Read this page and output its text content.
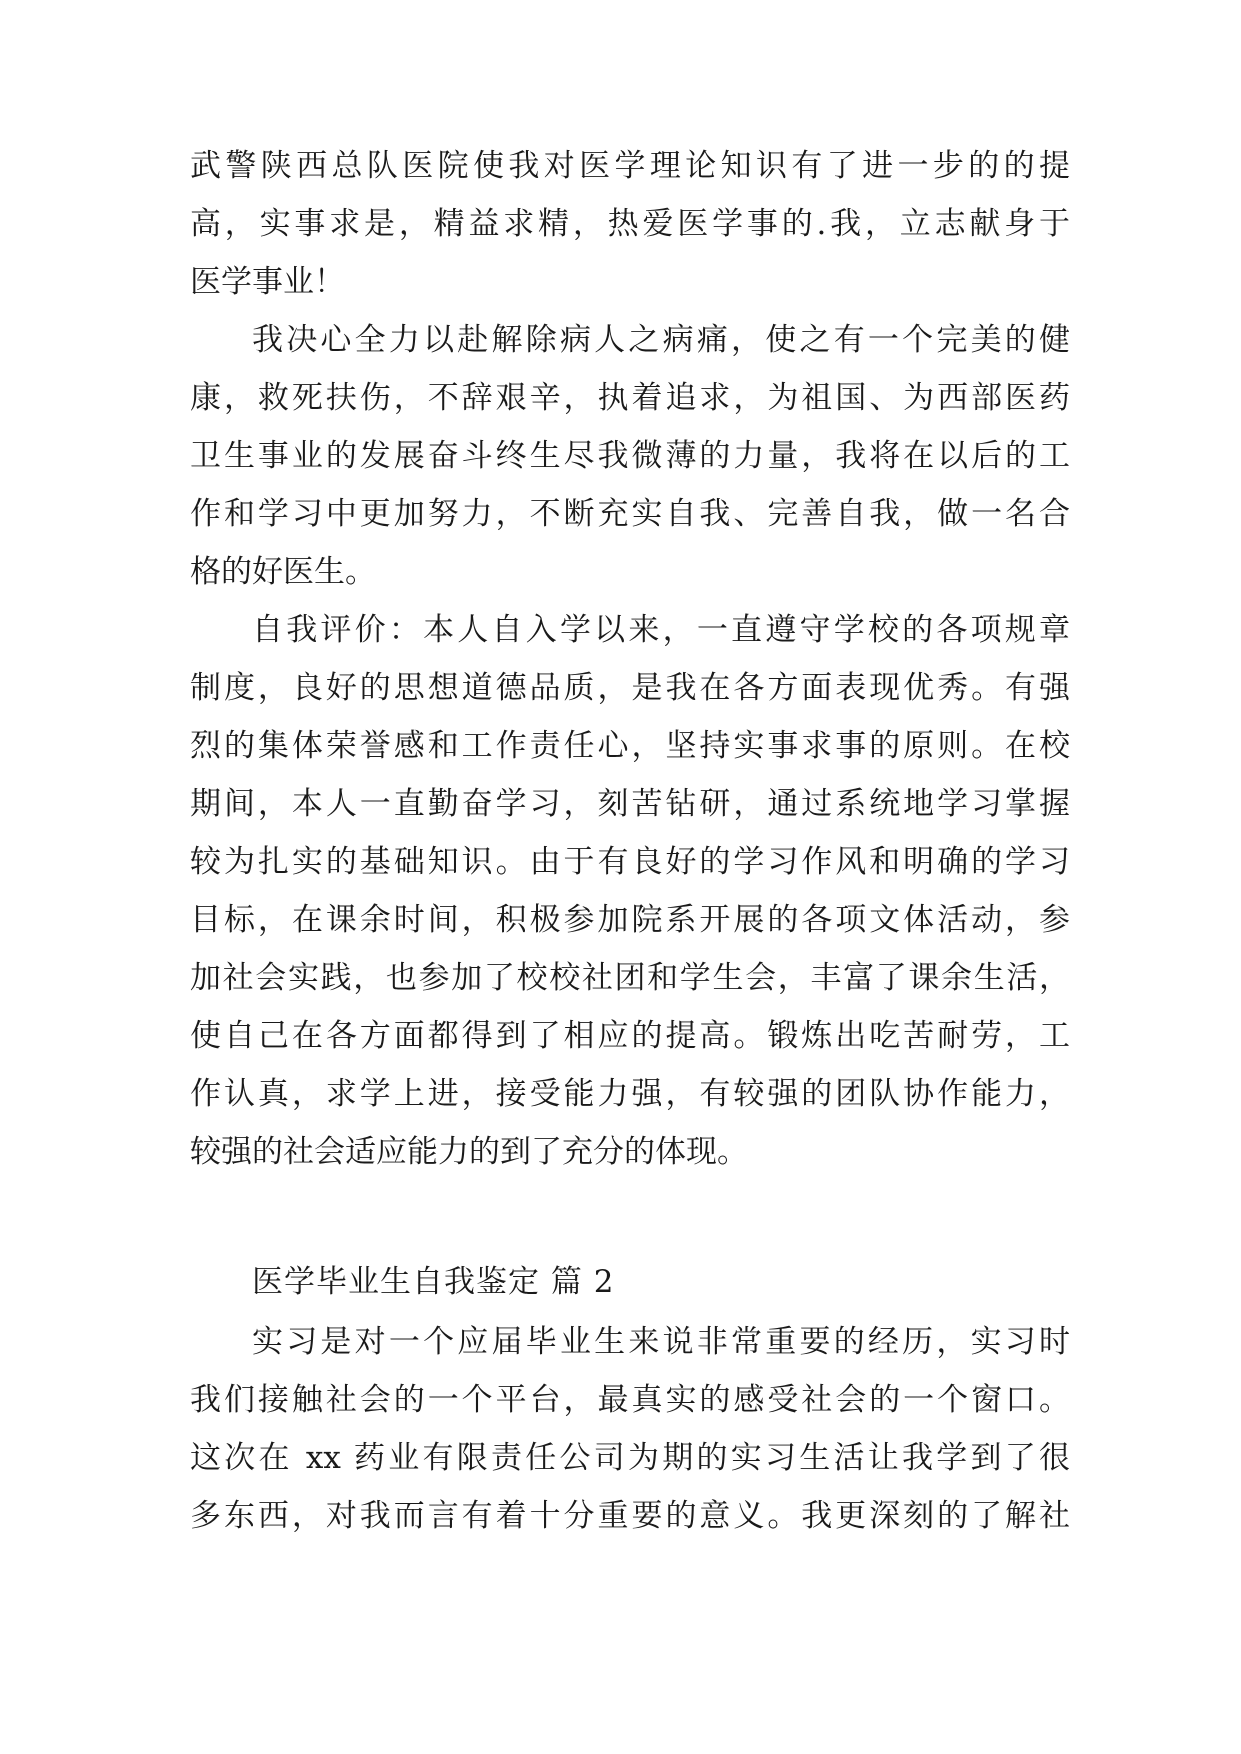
武警陕西总队医院使我对医学理论知识有了进一步的的提
高，实事求是，精益求精，热爱医学事的.我，立志献身于
医学事业！
我决心全力以赴解除病人之病痛，使之有一个完美的健
康，救死扶伤，不辞艰辛，执着追求，为祖国、为西部医药
卫生事业的发展奋斗终生尽我微薄的力量，我将在以后的工
作和学习中更加努力，不断充实自我、完善自我，做一名合
格的好医生。
自我评价：本人自入学以来，一直遵守学校的各项规章
制度，良好的思想道德品质，是我在各方面表现优秀。有强
烈的集体荣誉感和工作责任心，坚持实事求事的原则。在校
期间，本人一直勤奋学习，刻苦钻研，通过系统地学习掌握
较为扎实的基础知识。由于有良好的学习作风和明确的学习
目标，在课余时间，积极参加院系开展的各项文体活动，参
加社会实践，也参加了校校社团和学生会，丰富了课余生活，
使自己在各方面都得到了相应的提高。锻炼出吃苦耐劳，工
作认真，求学上进，接受能力强，有较强的团队协作能力，
较强的社会适应能力的到了充分的体现。
医学毕业生自我鉴定 篇 2
实习是对一个应届毕业生来说非常重要的经历，实习时
我们接触社会的一个平台，最真实的感受社会的一个窗口。
这次在 xx 药业有限责任公司为期的实习生活让我学到了很
多东西，对我而言有着十分重要的意义。我更深刻的了解社
